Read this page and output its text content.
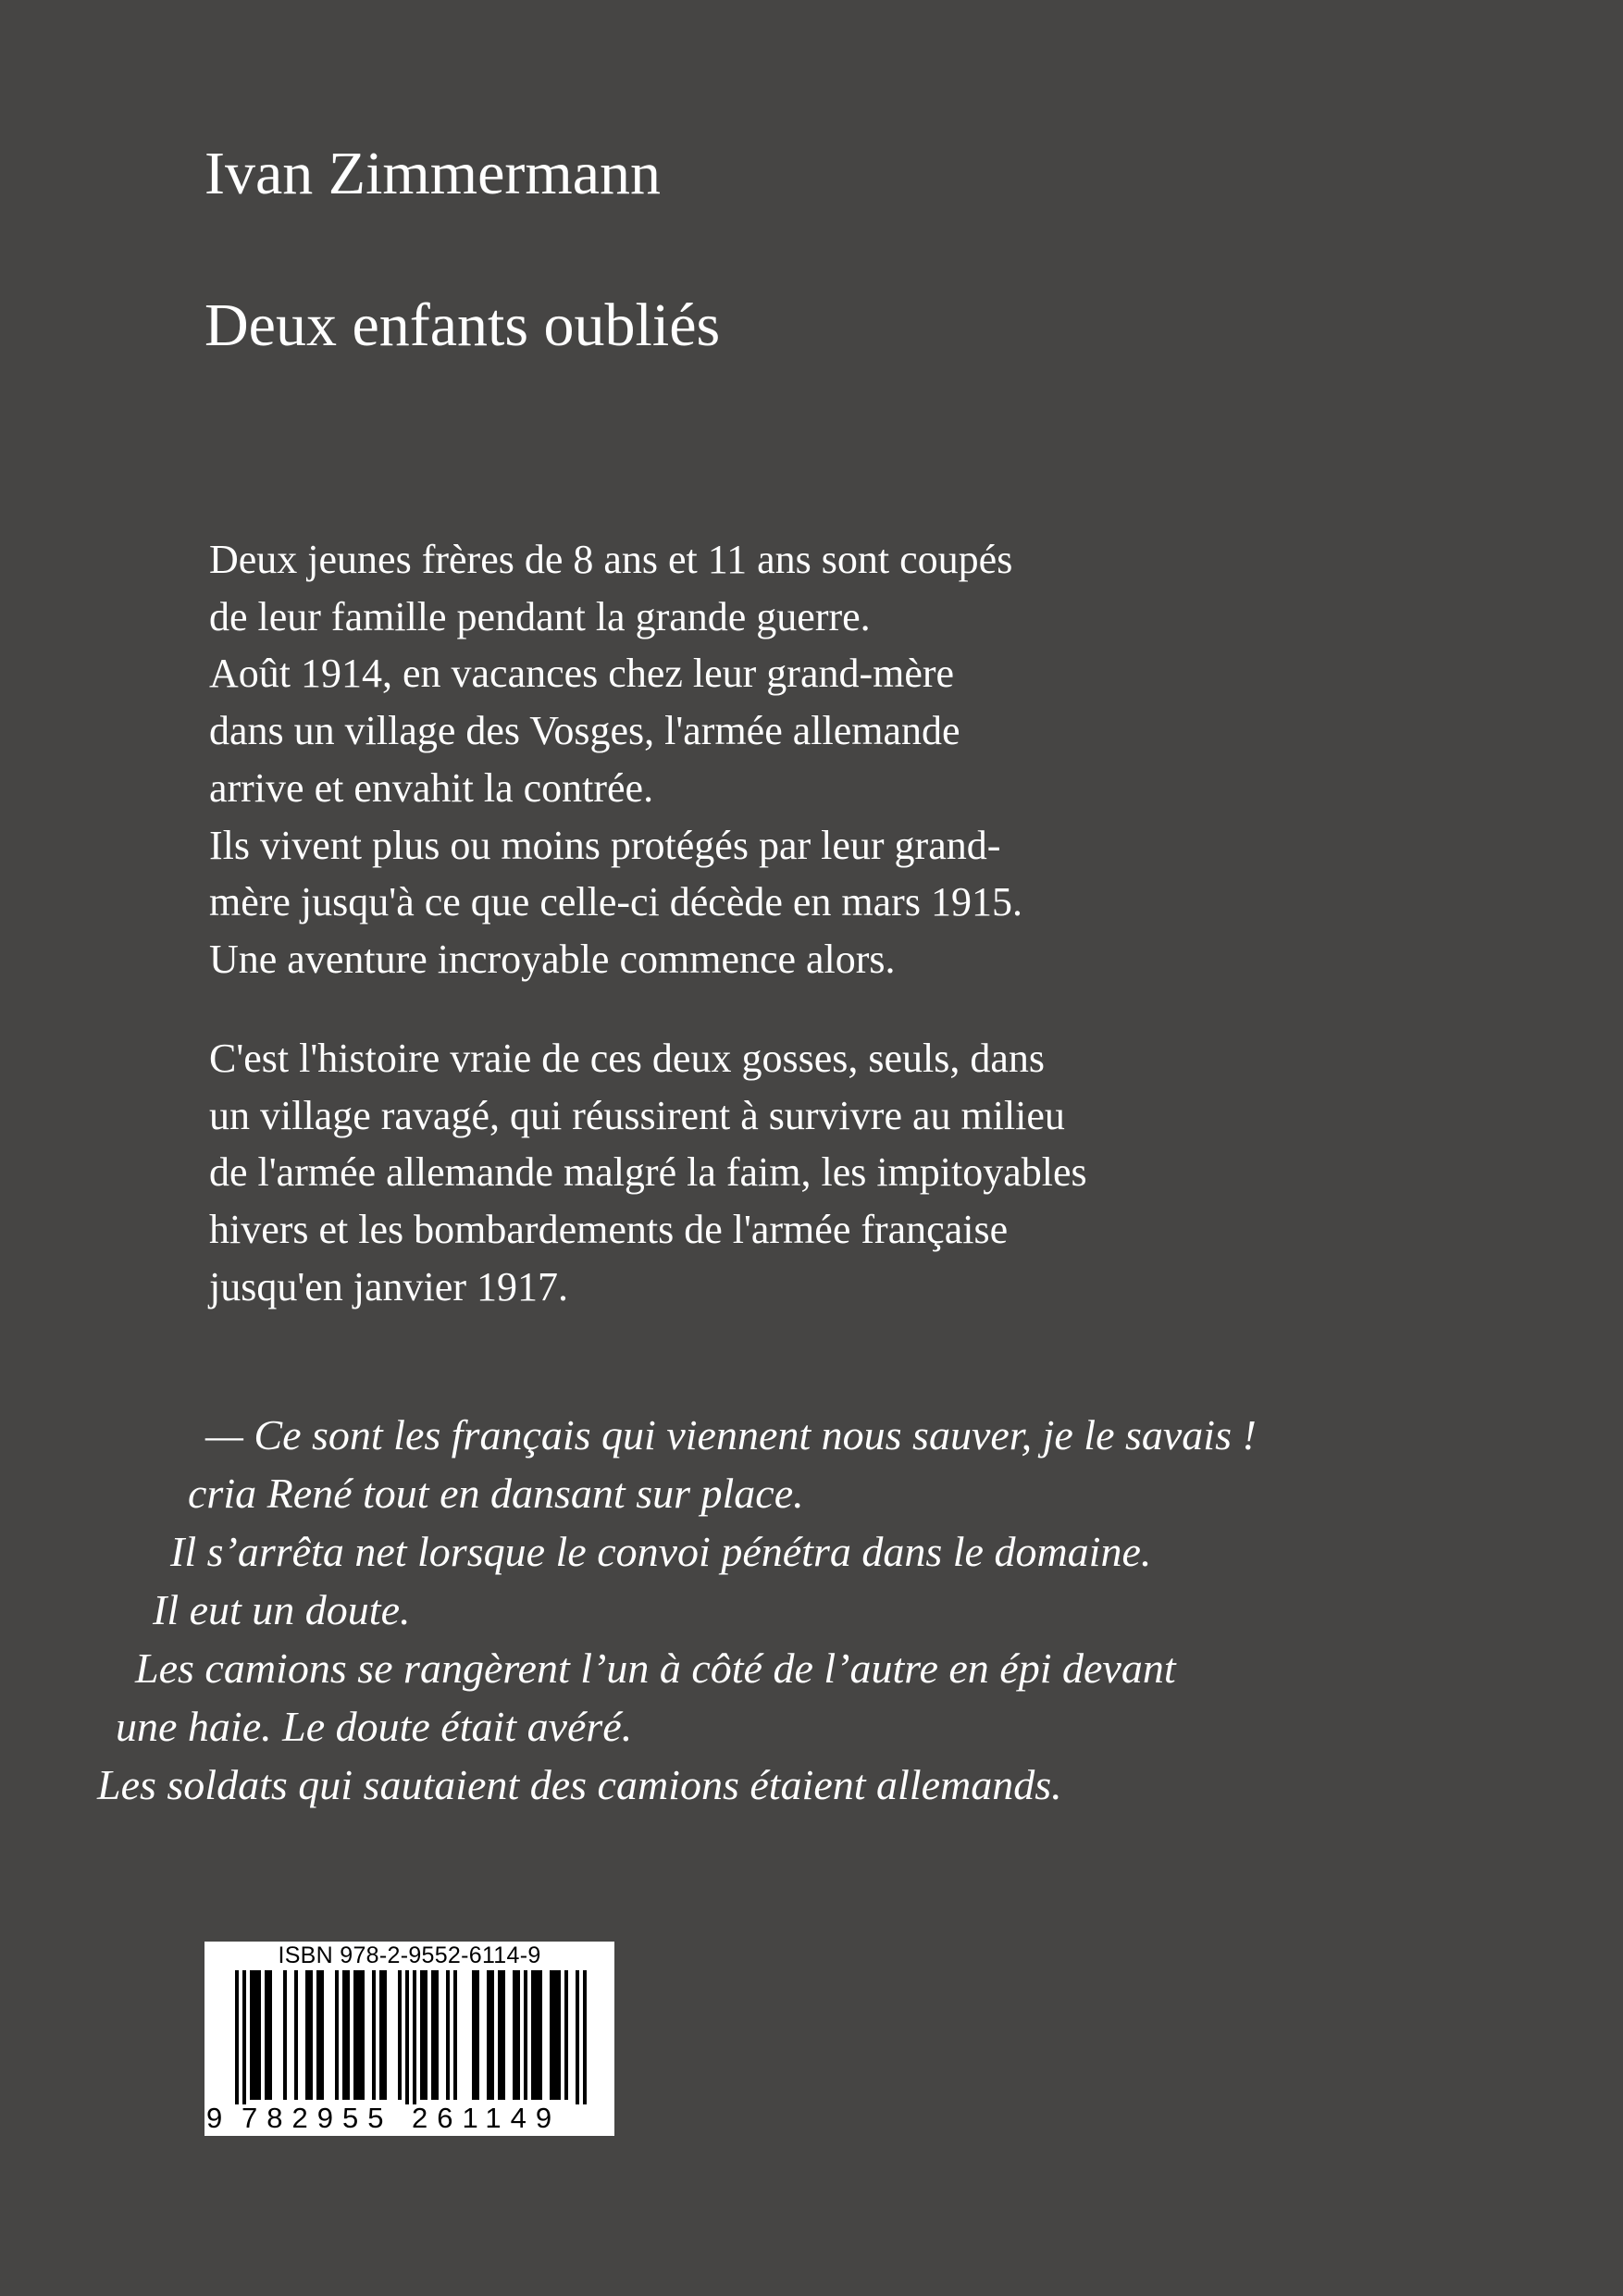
Ivan Zimmermann
Deux enfants oubliés
Deux jeunes frères de 8 ans et 11 ans sont coupés
de leur famille pendant la grande guerre.
Août 1914, en vacances chez leur grand-mère
dans un village des Vosges, l'armée allemande
arrive et envahit la contrée.
Ils vivent plus ou moins protégés par leur grand-
mère jusqu'à ce que celle-ci décède en mars 1915.
Une aventure incroyable commence alors.
C'est l'histoire vraie de ces deux gosses, seuls, dans
un village ravagé, qui réussirent à survivre au milieu
de l'armée allemande malgré la faim, les impitoyables
hivers et les bombardements de l'armée française
jusqu'en janvier 1917.
— Ce sont les français qui viennent nous sauver, je le savais !
cria René tout en dansant sur place.
Il s’arrêta net lorsque le convoi pénétra dans le domaine.
Il eut un doute.
Les camions se rangèrent l’un à côté de l’autre en épi devant
une haie. Le doute était avéré.
Les soldats qui sautaient des camions étaient allemands.
ISBN 978-2-9552-6114-9
9 782955 261149
